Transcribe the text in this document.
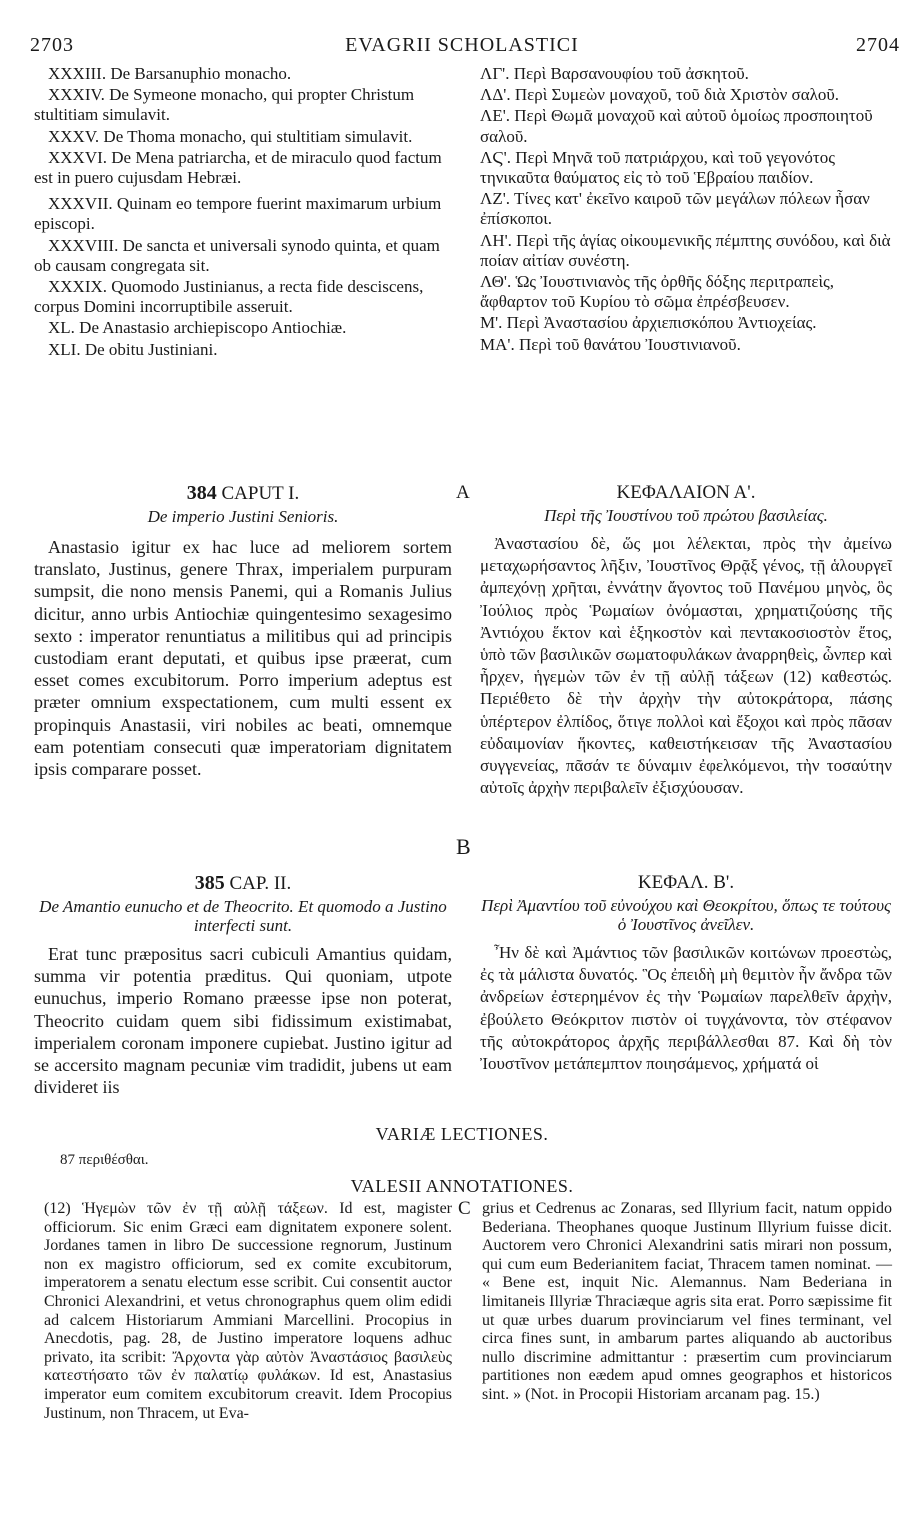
2703	EVAGRII SCHOLASTICI	2704
XXXIII. De Barsanuphio monacho.
XXXIV. De Symeone monacho, qui propter Christum stultitiam simulavit.
XXXV. De Thoma monacho, qui stultitiam simulavit.
XXXVI. De Mena patriarcha, et de miraculo quod factum est in puero cujusdam Hebræi.
XXXVII. Quinam eo tempore fuerint maximarum urbium episcopi.
XXXVIII. De sancta et universali synodo quinta, et quam ob causam congregata sit.
XXXIX. Quomodo Justinianus, a recta fide desciscens, corpus Domini incorruptibile asseruit.
XL. De Anastasio archiepiscopo Antiochiæ.
XLI. De obitu Justiniani.
ΛΓ'. Περὶ Βαρσανουφίου τοῦ ἀσκητοῦ.
ΛΔ'. Περὶ Συμεὼν μοναχοῦ, τοῦ διὰ Χριστὸν σαλοῦ.
ΛΕ'. Περὶ Θωμᾶ μοναχοῦ καὶ αὐτοῦ ὁμοίως προσποιητοῦ σαλοῦ.
ΛϚ'. Περὶ Μηνᾶ τοῦ πατριάρχου, καὶ τοῦ γεγονότος τηνικαῦτα θαύματος εἰς τὸ τοῦ Ἑβραίου παιδίον.
ΛΖ'. Τίνες κατ' ἐκεῖνο καιροῦ τῶν μεγάλων πόλεων ἦσαν ἐπίσκοποι.
ΛΗ'. Περὶ τῆς ἁγίας οἰκουμενικῆς πέμπτης συνόδου, καὶ διὰ ποίαν αἰτίαν συνέστη.
ΛΘ'. Ὡς Ἰουστινιανὸς τῆς ὀρθῆς δόξης περιτραπεὶς, ἄφθαρτον τοῦ Κυρίου τὸ σῶμα ἐπρέσβευσεν.
Μ'. Περὶ Ἀναστασίου ἀρχιεπισκόπου Ἀντιοχείας.
ΜΑ'. Περὶ τοῦ θανάτου Ἰουστινιανοῦ.
384 CAPUT I.
De imperio Justini Senioris.
Anastasio igitur ex hac luce ad meliorem sortem translato, Justinus, genere Thrax, imperialem purpuram sumpsit, die nono mensis Panemi, qui a Romanis Julius dicitur, anno urbis Antiochiæ quingentesimo sexagesimo sexto : imperator renuntiatus a militibus qui ad principis custodiam erant deputati, et quibus ipse præerat, cum esset comes excubitorum. Porro imperium adeptus est præter omnium exspectationem, cum multi essent ex propinquis Anastasii, viri nobiles ac beati, omnemque eam potentiam consecuti quæ imperatoriam dignitatem ipsis comparare posset.
ΚΕΦΑΛΑΙΟΝ Α'.
Περὶ τῆς Ἰουστίνου τοῦ πρώτου βασιλείας.
Ἀναστασίου δὲ, ὥς μοι λέλεκται, πρὸς τὴν ἀμείνω μεταχωρήσαντος λῆξιν, Ἰουστῖνος Θρᾷξ γένος, τῇ ἁλουργεῖ ἀμπεχόνῃ χρῆται, ἐννάτην ἄγοντος τοῦ Πανέμου μηνὸς, ὃς Ἰούλιος πρὸς Ῥωμαίων ὀνόμασται, χρηματιζούσης τῆς Ἀντιόχου ἕκτον καὶ ἑξηκοστὸν καὶ πεντακοσιοστὸν ἔτος, ὑπὸ τῶν βασιλικῶν σωματοφυλάκων ἀναρρηθεὶς, ὧνπερ καὶ ἦρχεν, ἡγεμὼν τῶν ἐν τῇ αὐλῇ τάξεων (12) καθεστώς. Περιέθετο δὲ τὴν ἀρχὴν τὴν αὐτοκράτορα, πάσης ὑπέρτερον ἐλπίδος, ὅτιγε πολλοὶ καὶ ἔξοχοι καὶ πρὸς πᾶσαν εὐδαιμονίαν ἥκοντες, καθειστήκεισαν τῆς Ἀναστασίου συγγενείας, πᾶσάν τε δύναμιν ἐφελκόμενοι, τὴν τοσαύτην αὐτοῖς ἀρχὴν περιβαλεῖν ἐξισχύουσαν.
385 CAP. II.
De Amantio eunucho et de Theocrito. Et quomodo a Justino interfecti sunt.
Erat tunc præpositus sacri cubiculi Amantius quidam, summa vir potentia præditus. Qui quoniam, utpote eunuchus, imperio Romano præesse ipse non poterat, Theocrito cuidam quem sibi fidissimum existimabat, imperialem coronam imponere cupiebat. Justino igitur ad se accersito magnam pecuniæ vim tradidit, jubens ut eam divideret iis
ΚΕΦΑΛ. Β'.
Περὶ Ἀμαντίου τοῦ εὐνούχου καὶ Θεοκρίτου, ὅπως τε τούτους ὁ Ἰουστῖνος ἀνεῖλεν.
Ἦν δὲ καὶ Ἀμάντιος τῶν βασιλικῶν κοιτώνων προεστὼς, ἐς τὰ μάλιστα δυνατός. Ὃς ἐπειδὴ μὴ θεμιτὸν ἦν ἄνδρα τῶν ἀνδρείων ἐστερημένον ἐς τὴν Ῥωμαίων παρελθεῖν ἀρχὴν, ἐβούλετο Θεόκριτον πιστὸν οἱ τυγχάνοντα, τὸν στέφανον τῆς αὐτοκράτορος ἀρχῆς περιβάλλεσθαι 87. Καὶ δὴ τὸν Ἰουστῖνον μετάπεμπτον ποιησάμενος, χρήματά οἱ
A
B
C
VARIÆ LECTIONES.
87 περιθέσθαι.
VALESII ANNOTATIONES.
(12) Ἡγεμὼν τῶν ἐν τῇ αὐλῇ τάξεων. Id est, magister officiorum. Sic enim Græci eam dignitatem exponere solent. Jordanes tamen in libro De successione regnorum, Justinum non ex magistro officiorum, sed ex comite excubitorum, imperatorem a senatu electum esse scribit. Cui consentit auctor Chronici Alexandrini, et vetus chronographus quem olim edidi ad calcem Historiarum Ammiani Marcellini. Procopius in Anecdotis, pag. 28, de Justino imperatore loquens adhuc privato, ita scribit: Ἄρχοντα γὰρ αὐτὸν Ἀναστάσιος βασιλεὺς κατεστήσατο τῶν ἐν παλατίῳ φυλάκων. Id est, Anastasius imperator eum comitem excubitorum creavit. Idem Procopius Justinum, non Thracem, ut Eva-
grius et Cedrenus ac Zonaras, sed Illyrium facit, natum oppido Bederiana. Theophanes quoque Justinum Illyrium fuisse dicit. Auctorem vero Chronici Alexandrini satis mirari non possum, qui cum eum Bederianitem faciat, Thracem tamen nominat. — « Bene est, inquit Nic. Alemannus. Nam Bederiana in limitaneis Illyriæ Thraciæque agris sita erat. Porro sæpissime fit ut quæ urbes duarum provinciarum vel fines terminant, vel circa fines sunt, in ambarum partes aliquando ab auctoribus nullo discrimine admittantur : præsertim cum provinciarum partitiones non eædem apud omnes geographos et historicos sint. » (Not. in Procopii Historiam arcanam pag. 15.)
